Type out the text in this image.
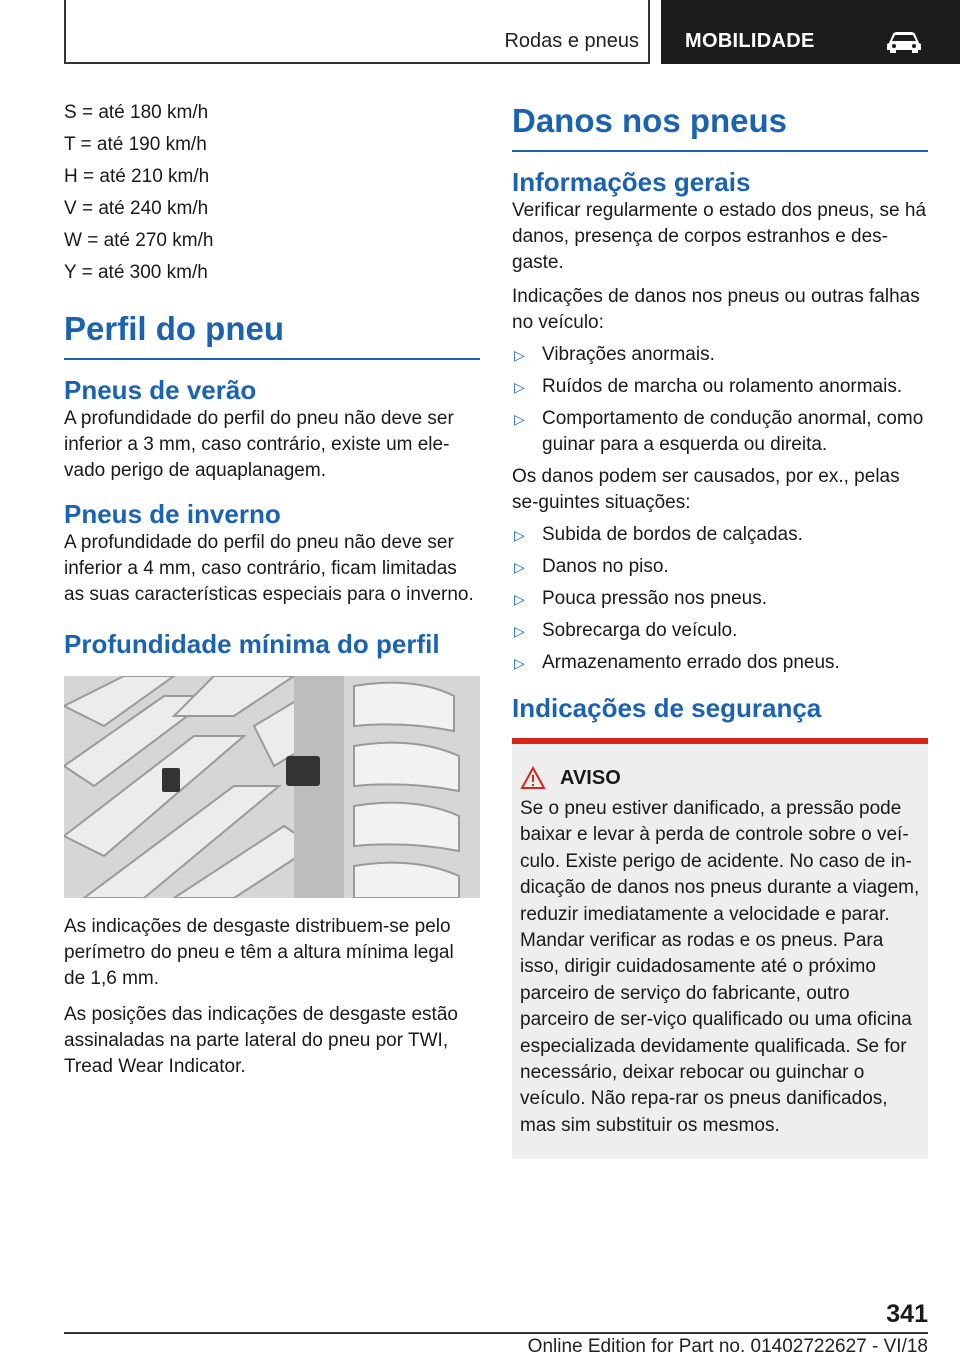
Rodas e pneus MOBILIDADE

S = até 180 km/h

T = até 190 km/h

H = até 210 km/h

V = até 240 km/h

W = até 270 km/h

Y = até 300 km/h

Perfil do pneu
Pneus de verão

A profundidade do perfil do pneu não deve ser inferior a 3 mm, caso contrário, existe um ele-vado perigo de aquaplanagem.

Pneus de inverno

A profundidade do perfil do pneu não deve ser inferior a 4 mm, caso contrário, ficam limitadas as suas características especiais para o inverno.

Profundidade mínima do perfil

As indicações de desgaste distribuem-se pelo perímetro do pneu e têm a altura mínima legal de 1,6 mm.

As posições das indicações de desgaste estão assinaladas na parte lateral do pneu por TWI, Tread Wear Indicator.

Danos nos pneus
Informações gerais

Verificar regularmente o estado dos pneus, se há danos, presença de corpos estranhos e des-gaste.

Indicações de danos nos pneus ou outras falhas no veículo:

▷ Vibrações anormais.
▷ Ruídos de marcha ou rolamento anormais.
▷ Comportamento de condução anormal, como guinar para a esquerda ou direita.

Os danos podem ser causados, por ex., pelas se-guintes situações:

▷ Subida de bordos de calçadas.
▷ Danos no piso.
▷ Pouca pressão nos pneus.
▷ Sobrecarga do veículo.
▷ Armazenamento errado dos pneus.
Indicações de segurança
AVISO

Se o pneu estiver danificado, a pressão pode baixar e levar à perda de controle sobre o veí-culo. Existe perigo de acidente. No caso de in-dicação de danos nos pneus durante a viagem, reduzir imediatamente a velocidade e parar. Mandar verificar as rodas e os pneus. Para isso, dirigir cuidadosamente até o próximo parceiro de serviço do fabricante, outro parceiro de ser-viço qualificado ou uma oficina especializada devidamente qualificada. Se for necessário, deixar rebocar ou guinchar o veículo. Não repa-rar os pneus danificados, mas sim substituir os mesmos.

341
Online Edition for Part no. 01402722627 - VI/18
